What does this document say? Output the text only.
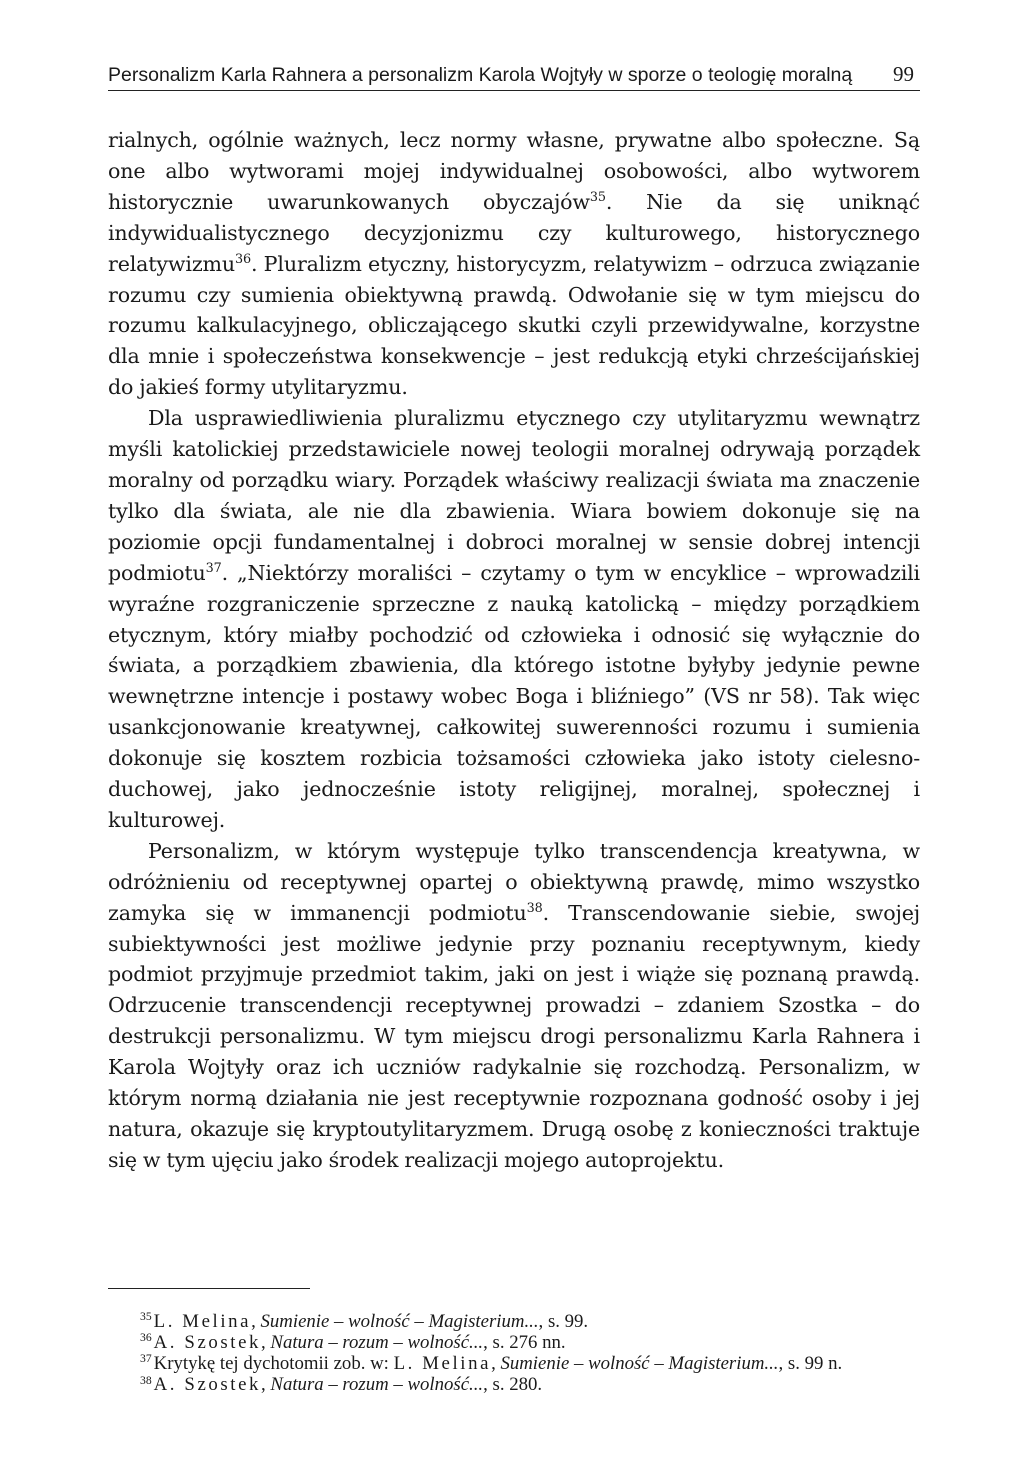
Personalizm Karla Rahnera a personalizm Karola Wojtyły w sporze o teologię moralną 99

rialnych, ogólnie ważnych, lecz normy własne, prywatne albo społeczne. Są one albo wytworami mojej indywidualnej osobowości, albo wytworem historycznie uwarunkowanych obyczajów$^{35}$. Nie da się uniknąć indywidualistycznego decyzjonizmu czy kulturowego, historycznego relatywizmu$^{36}$. Pluralizm etyczny, historycyzm, relatywizm – odrzuca związanie rozumu czy sumienia obiektywną prawdą. Odwołanie się w tym miejscu do rozumu kalkulacyjnego, obliczającego skutki czyli przewidywalne, korzystne dla mnie i społeczeństwa konsekwencje – jest redukcją etyki chrześcijańskiej do jakieś formy utylitaryzmu.

Dla usprawiedliwienia pluralizmu etycznego czy utylitaryzmu wewnątrz myśli katolickiej przedstawiciele nowej teologii moralnej odrywają porządek moralny od porządku wiary. Porządek właściwy realizacji świata ma znaczenie tylko dla świata, ale nie dla zbawienia. Wiara bowiem dokonuje się na poziomie opcji fundamentalnej i dobroci moralnej w sensie dobrej intencji podmiotu$^{37}$. „Niektórzy moraliści – czytamy o tym w encyklice – wprowadzili wyraźne rozgraniczenie sprzeczne z nauką katolicką – między porządkiem etycznym, który miałby pochodzić od człowieka i odnosić się wyłącznie do świata, a porządkiem zbawienia, dla którego istotne byłyby jedynie pewne wewnętrzne intencje i postawy wobec Boga i bliźniego” (VS nr 58). Tak więc usankcjonowanie kreatywnej, całkowitej suwerenności rozumu i sumienia dokonuje się kosztem rozbicia tożsamości człowieka jako istoty cielesno-duchowej, jako jednocześnie istoty religijnej, moralnej, społecznej i kulturowej.

Personalizm, w którym występuje tylko transcendencja kreatywna, w odróżnieniu od receptywnej opartej o obiektywną prawdę, mimo wszystko zamyka się w immanencji podmiotu$^{38}$. Transcendowanie siebie, swojej subiektywności jest możliwe jedynie przy poznaniu receptywnym, kiedy podmiot przyjmuje przedmiot takim, jaki on jest i wiąże się poznaną prawdą. Odrzucenie transcendencji receptywnej prowadzi – zdaniem Szostka – do destrukcji personalizmu. W tym miejscu drogi personalizmu Karla Rahnera i Karola Wojtyły oraz ich uczniów radykalnie się rozchodzą. Personalizm, w którym normą działania nie jest receptywnie rozpoznana godność osoby i jej natura, okazuje się kryptoutylitaryzmem. Drugą osobę z konieczności traktuje się w tym ujęciu jako środek realizacji mojego autoprojektu.

$^{35}$ L. Melina, Sumienie – wolność – Magisterium..., s. 99.

$^{36}$ A. Szostek, Natura – rozum – wolność..., s. 276 nn.

$^{37}$ Krytykę tej dychotomii zob. w: L. Melina, Sumienie – wolność – Magisterium..., s. 99 n.

$^{38}$ A. Szostek, Natura – rozum – wolność..., s. 280.
